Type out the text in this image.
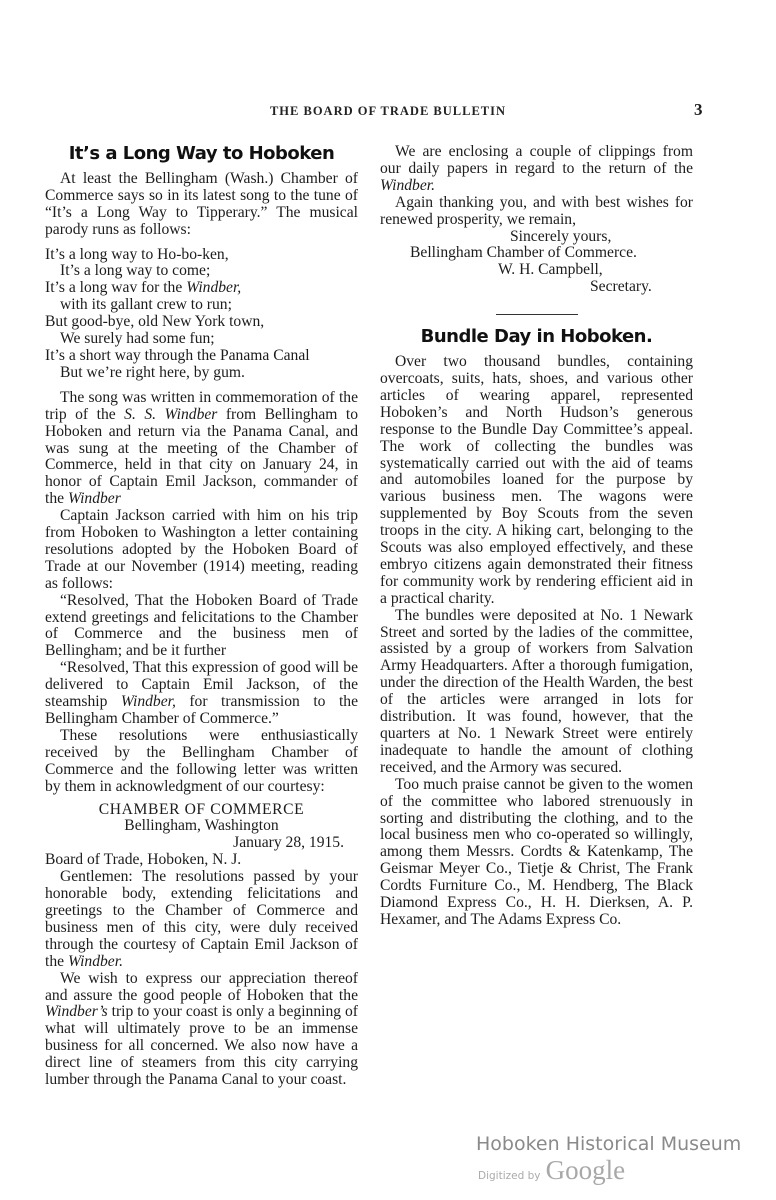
THE BOARD OF TRADE BULLETIN	3
It’s a Long Way to Hoboken

At least the Bellingham (Wash.) Chamber of Commerce says so in its latest song to the tune of “It’s a Long Way to Tipperary.” The musical parody runs as follows:

It’s a long way to Ho-bo-ken,
It’s a long way to come;
It’s a long wav for the Windber,
with its gallant crew to run;
But good-bye, old New York town,
We surely had some fun;
It’s a short way through the Panama Canal
But we’re right here, by gum.

The song was written in commemoration of the trip of the S. S. Windber from Bellingham to Hoboken and return via the Panama Canal, and was sung at the meeting of the Chamber of Commerce, held in that city on January 24, in honor of Captain Emil Jackson, commander of the Windber

Captain Jackson carried with him on his trip from Hoboken to Washington a letter containing resolutions adopted by the Hoboken Board of Trade at our November (1914) meeting, reading as follows:

“Resolved, That the Hoboken Board of Trade extend greetings and felicitations to the Chamber of Commerce and the business men of Bellingham; and be it further

“Resolved, That this expression of good will be delivered to Captain Emil Jackson, of the steamship Windber, for transmission to the Bellingham Chamber of Commerce.”

These resolutions were enthusiastically received by the Bellingham Chamber of Commerce and the following letter was written by them in acknowledgment of our courtesy:

CHAMBER OF COMMERCE
Bellingham, Washington
January 28, 1915.
Board of Trade, Hoboken, N. J.

Gentlemen: The resolutions passed by your honorable body, extending felicitations and greetings to the Chamber of Commerce and business men of this city, were duly received through the courtesy of Captain Emil Jackson of the Windber.

We wish to express our appreciation thereof and assure the good people of Hoboken that the Windber’s trip to your coast is only a beginning of what will ultimately prove to be an immense business for all concerned. We also now have a direct line of steamers from this city carrying lumber through the Panama Canal to your coast.

We are enclosing a couple of clippings from our daily papers in regard to the return of the Windber.

Again thanking you, and with best wishes for renewed prosperity, we remain,

Sincerely yours,
Bellingham Chamber of Commerce.
W. H. Campbell,
Secretary.
Bundle Day in Hoboken.

Over two thousand bundles, containing overcoats, suits, hats, shoes, and various other articles of wearing apparel, represented Hoboken’s and North Hudson’s generous response to the Bundle Day Committee’s appeal. The work of collecting the bundles was systematically carried out with the aid of teams and automobiles loaned for the purpose by various business men. The wagons were supplemented by Boy Scouts from the seven troops in the city. A hiking cart, belonging to the Scouts was also employed effectively, and these embryo citizens again demonstrated their fitness for community work by rendering efficient aid in a practical charity.

The bundles were deposited at No. 1 Newark Street and sorted by the ladies of the committee, assisted by a group of workers from Salvation Army Headquarters. After a thorough fumigation, under the direction of the Health Warden, the best of the articles were arranged in lots for distribution. It was found, however, that the quarters at No. 1 Newark Street were entirely inadequate to handle the amount of clothing received, and the Armory was secured.

Too much praise cannot be given to the women of the committee who labored strenuously in sorting and distributing the clothing, and to the local business men who co-operated so willingly, among them Messrs. Cordts & Katenkamp, The Geismar Meyer Co., Tietje & Christ, The Frank Cordts Furniture Co., M. Hendberg, The Black Diamond Express Co., H. H. Dierksen, A. P. Hexamer, and The Adams Express Co.

Hoboken Historical Museum
Digitized by Google
